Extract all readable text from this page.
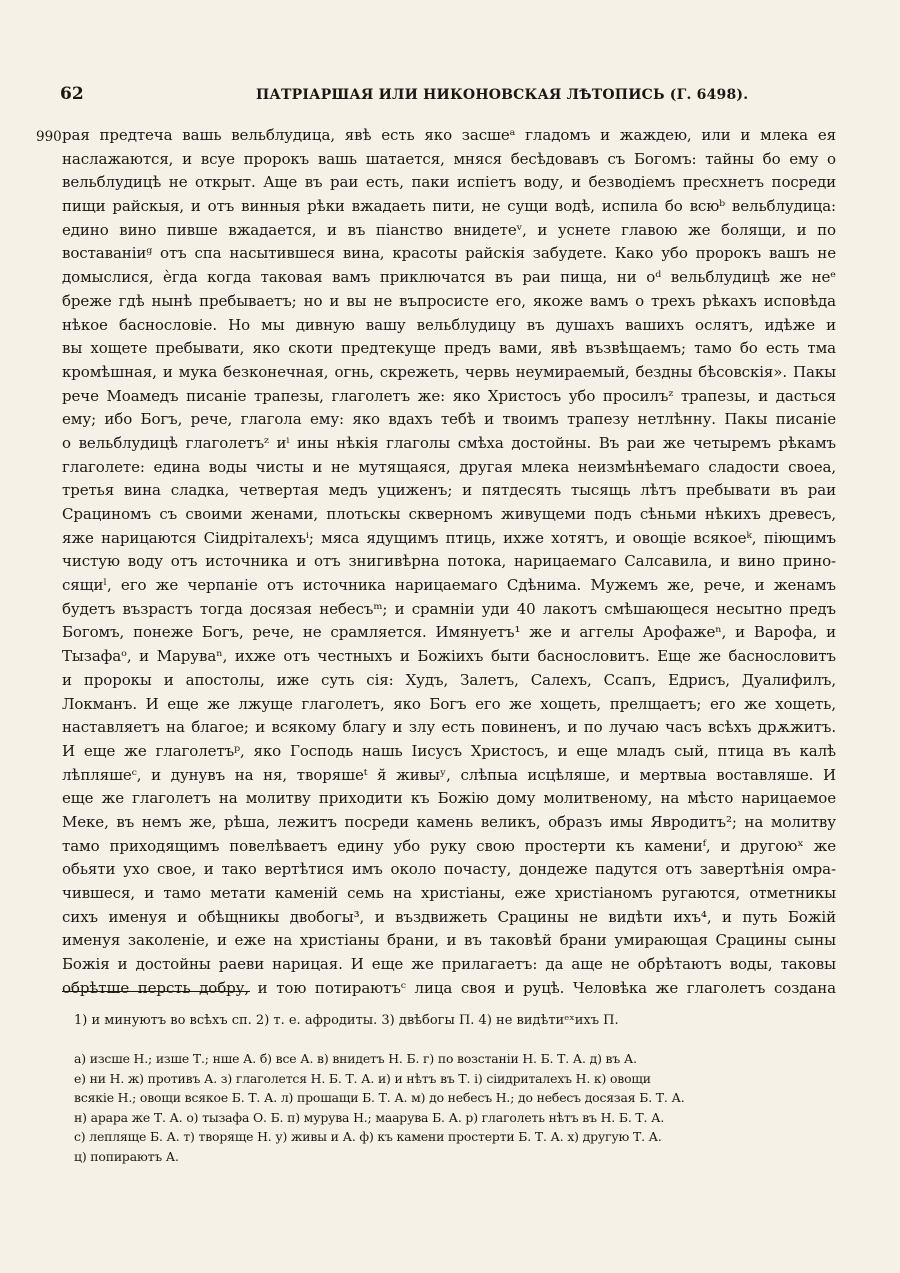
62	ПАТРІАРШАЯ ИЛИ НИКОНОВСКАЯ ЛѢТОПИСЬ (Г. 6498).
990 рая предтеча вашь вельблудица, явѣ есть яко засшеᵃ гладомъ и жаждею, или и млека ея
наслажаются, и всуе пророкъ вашь шатается, мняся бесѣдовавъ съ Богомъ: тайны бо ему о
вельблудицѣ не открыт. Аще въ раи есть, паки испіетъ воду, и безводіемъ пресхнетъ посреди
пищи райскыя, и отъ винныя рѣки вжадаеть пити, не сущи водѣ, испила бо всюᵇ вельблудица:
едино вино пивше вжадается, и въ піанство внидетеᵛ, и уснете главою же болящи, и по
воставаніиᵍ отъ спа насытившеся вина, красоты райскія забудете. Како убо пророкъ вашъ не
домыслися, ѐгда когда таковая вамъ приключатся въ раи пища, ни оᵈ вельблудицѣ же неᵉ
брeже гдѣ нынѣ пребываетъ; но и вы не въпросисте его, якоже вамъ о трехъ рѣкахъ исповѣда
нѣкое баснословіе. Но мы дивную вашу вельблудицу въ душахъ вашихъ ослятъ, идѣже и
вы хощете пребывати, яко скоти предтекуще предъ вами, явѣ възвѣщаемъ; тамо бо есть тма
кромѣшная, и мука безконечная, огнь, скрежеть, червь неумираемый, бездны бѣсовскія». Пакы
рече Моамедъ писаніе трапезы, глаголетъ же: яко Христосъ убо просилъᶻ трапезы, и дасться
ему; ибо Богъ, рече, глагола ему: яко вдахъ тебѣ и твоимъ трапезу нетлѣнну. Пакы писаніе
о вельблудицѣ глаголетъᶻ иⁱ ины нѣкія глаголы смѣха достойны. Въ раи же четыремъ рѣкамъ
глаголете: едина воды чисты и не мутящаяся, другая млека неизмѣнѣемаго сладости своеа,
третья вина сладка, четвертая медъ уциженъ; и пятдесять тысящь лѣтъ пребывати въ раи
Срациномъ съ своими женами, плотьскы скверномъ живущеми подъ сѣньми нѣкихъ древесъ,
яже нарицаются Сіидріталехъⁱ; мяса ядущимъ птиць, ихже хотятъ, и овощіе всякоеᵏ, піющимъ
чистую воду отъ источника и отъ знигивѣрна потока, нарицаемаго Салсавила, и вино прино-
сящиˡ, его же черпаніе отъ источника нарицаемаго Сдѣнима. Мужемъ же, рече, и женамъ
будетъ възрастъ тогда досязая небесъᵐ; и срамніи уди 40 лакотъ смѣшающеся несытно предъ
Богомъ, понеже Богъ, рече, не срамляется. Имянуетъ¹ же и аггелы Арофажеⁿ, и Варофа, и
Тызафаᵒ, и Маруваⁿ, ихже отъ честныхъ и Божіихъ быти баснословитъ. Еще же баснословитъ
и пророкы и апостолы, иже суть сія: Худъ, Залетъ, Салехъ, Ссапъ, Едрисъ, Дуалифилъ,
Локманъ. И еще же лжущe глаголетъ, яко Богъ его же хощеть, прелщаетъ; его же хощеть,
наставляетъ на благое; и всякому благу и злу есть повиненъ, и по лучаю часъ всѣхъ дрѫжитъ.
И еще же глаголетъᵖ, яко Господь нашь Іисусъ Христосъ, и еще младъ сый, птица въ калѣ
лѣпляшеᶜ, и дунувъ на ня, творяшеᵗ я̆ живыʸ, слѣпыа исцѣляше, и мертвыа воставляше. И
еще же глаголетъ на молитву приходити къ Божію дому молитвеному, на мѣсто нарицаемое
Меке, въ немъ же, рѣша, лежитъ посреди камень великъ, образъ имы Явродитъ²; на молитву
тамо приходящимъ повелѣваетъ едину убо руку свою простерти къ камениᶠ, и другоюˣ же
обьяти ухо свое, и тако вертѣтися имъ около почасту, дондеже падутся отъ завертѣнія омра-
чившеся, и тамо метати каменій семь на христіаны, еже христіаномъ ругаются, отметникы
сихъ именуя и обѣщникы двобогы³, и въздвижеть Срацины не видѣти ихъ⁴, и путь Божій
именуя заколеніе, и еже на христіаны брани, и въ таковѣй брани умирающая Срацины сыны
Божія и достойны раеви нарицая. И еще же прилагаетъ: да аще не обрѣтаютъ воды, таковы
обрѣтше персть добру, и тою потираютъᶜ лица своя и руцѣ. Человѣка же глаголетъ создана
1) и минуютъ во всѣхъ сп. 2) т. е. афродиты. 3) двѣбогы П. 4) не видѣтиᵉˣихъ П.
а) изсше Н.; изше Т.; нше А. б) все А. в) внидетъ Н. Б. г) по возстаніи Н. Б. Т. А. д) въ А.
е) ни Н. ж) противъ А. з) глаголется Н. Б. Т. А. и) и нѣтъ въ Т. і) сіидриталехъ Н. к) овощи
всякіе Н.; овощи всякое Б. Т. А. л) прошащи Б. Т. А. м) до небесъ Н.; до небесъ досязая Б. Т. А.
н) арара же Т. А. о) тызафа О. Б. п) мурува Н.; маарува Б. А. р) глаголеть нѣтъ въ Н. Б. Т. А.
с) лепляще Б. А. т) творяще Н. у) живы и А. ф) къ камени простерти Б. Т. А. х) другую Т. А.
ц) попираютъ А.
